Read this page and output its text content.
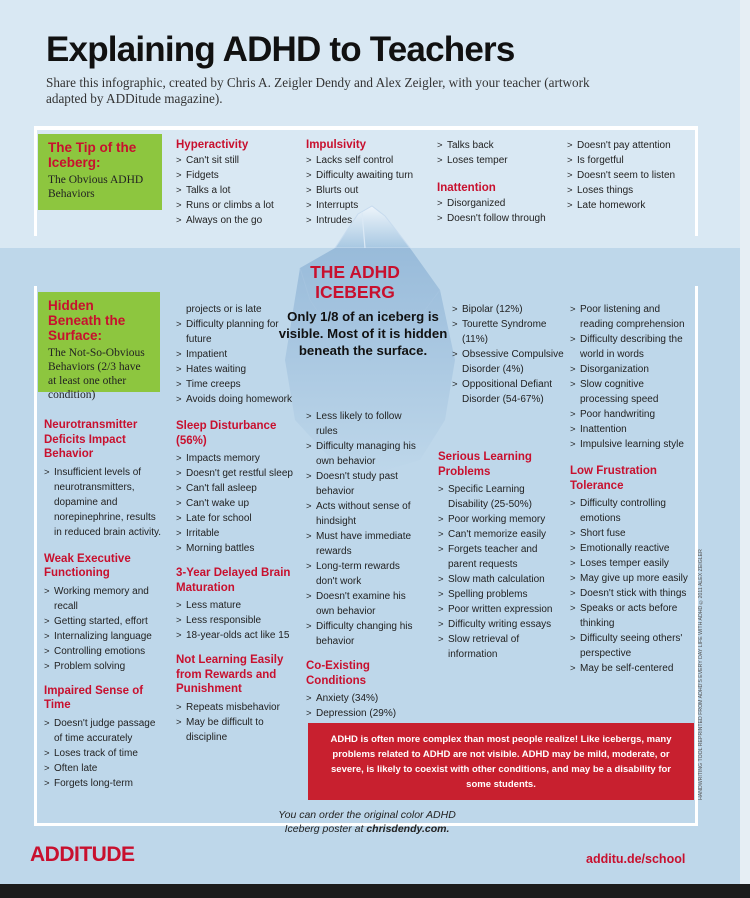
Explaining ADHD to Teachers
Share this infographic, created by Chris A. Zeigler Dendy and Alex Zeigler, with your teacher (artwork adapted by ADDitude magazine).
The Tip of the Iceberg:
The Obvious ADHD Behaviors
Hyperactivity
> Can't sit still
> Fidgets
> Talks a lot
> Runs or climbs a lot
> Always on the go
Impulsivity
> Lacks self control
> Difficulty awaiting turn
> Blurts out
> Interrupts
> Intrudes
> Talks back
> Loses temper
Inattention
> Disorganized
> Doesn't follow through
> Doesn't pay attention
> Is forgetful
> Doesn't seem to listen
> Loses things
> Late homework
THE ADHD ICEBERG
Only 1/8 of an iceberg is visible. Most of it is hidden beneath the surface.
Hidden Beneath the Surface:
The Not-So-Obvious Behaviors (2/3 have at least one other condition)
Neurotransmitter Deficits Impact Behavior
> Insufficient levels of neurotransmitters, dopamine and norepinephrine, results in reduced brain activity.
Weak Executive Functioning
> Working memory and recall
> Getting started, effort
> Internalizing language
> Controlling emotions
> Problem solving
Impaired Sense of Time
> Doesn't judge passage of time accurately
> Loses track of time
> Often late
> Forgets long-term
projects or is late
> Difficulty planning for future
> Impatient
> Hates waiting
> Time creeps
> Avoids doing homework
Sleep Disturbance (56%)
> Impacts memory
> Doesn't get restful sleep
> Can't fall asleep
> Can't wake up
> Late for school
> Irritable
> Morning battles
3-Year Delayed Brain Maturation
> Less mature
> Less responsible
> 18-year-olds act like 15
Not Learning Easily from Rewards and Punishment
> Repeats misbehavior
> May be difficult to discipline
> Less likely to follow rules
> Difficulty managing his own behavior
> Doesn't study past behavior
> Acts without sense of hindsight
> Must have immediate rewards
> Long-term rewards don't work
> Doesn't examine his own behavior
> Difficulty changing his behavior
Co-Existing Conditions
> Anxiety (34%)
> Depression (29%)
> Bipolar (12%)
> Tourette Syndrome (11%)
> Obsessive Compulsive Disorder (4%)
> Oppositional Defiant Disorder (54-67%)
Serious Learning Problems
> Specific Learning Disability (25-50%)
> Poor working memory
> Can't memorize easily
> Forgets teacher and parent requests
> Slow math calculation
> Spelling problems
> Poor written expression
> Difficulty writing essays
> Slow retrieval of information
> Poor listening and reading comprehension
> Difficulty describing the world in words
> Disorganization
> Slow cognitive processing speed
> Poor handwriting
> Inattention
> Impulsive learning style
Low Frustration Tolerance
> Difficulty controlling emotions
> Short fuse
> Emotionally reactive
> Loses temper easily
> May give up more easily
> Doesn't stick with things
> Speaks or acts before thinking
> Difficulty seeing others' perspective
> May be self-centered
ADHD is often more complex than most people realize! Like icebergs, many problems related to ADHD are not visible. ADHD may be mild, moderate, or severe, is likely to coexist with other conditions, and may be a disability for some students.
You can order the original color ADHD Iceberg poster at chrisdendy.com.
ADDITUDE	additu.de/school
HANDWRITING TOOL REPRINTED FROM ADHD'S EVERY DAY LIFE WITH ADHD ©2011 ALEX ZEIGLER
